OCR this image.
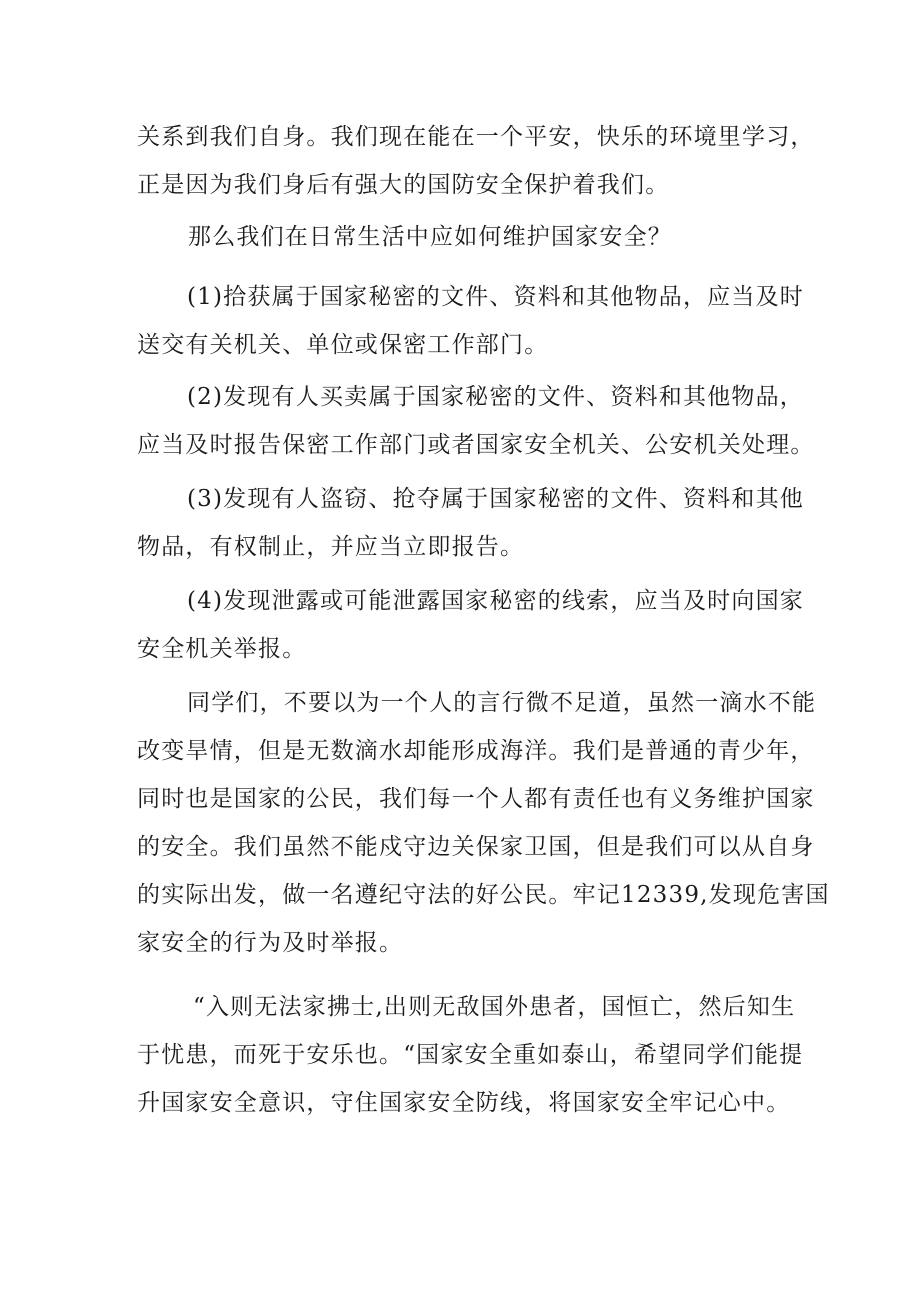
关系到我们自身。我们现在能在一个平安，快乐的环境里学习，
正是因为我们身后有强大的国防安全保护着我们。

那么我们在日常生活中应如何维护国家安全？

(1)拾获属于国家秘密的文件、资料和其他物品，应当及时
送交有关机关、单位或保密工作部门。

(2)发现有人买卖属于国家秘密的文件、资料和其他物品，
应当及时报告保密工作部门或者国家安全机关、公安机关处理。

(3)发现有人盗窃、抢夺属于国家秘密的文件、资料和其他
物品，有权制止，并应当立即报告。

(4)发现泄露或可能泄露国家秘密的线索，应当及时向国家
安全机关举报。

同学们，不要以为一个人的言行微不足道，虽然一滴水不能
改变旱情，但是无数滴水却能形成海洋。我们是普通的青少年，
同时也是国家的公民，我们每一个人都有责任也有义务维护国家
的安全。我们虽然不能戍守边关保家卫国，但是我们可以从自身
的实际出发，做一名遵纪守法的好公民。牢记12339,发现危害国
家安全的行为及时举报。

“入则无法家拂士,出则无敌国外患者，国恒亡，然后知生
于忧患，而死于安乐也。“国家安全重如泰山，希望同学们能提
升国家安全意识，守住国家安全防线，将国家安全牢记心中。
